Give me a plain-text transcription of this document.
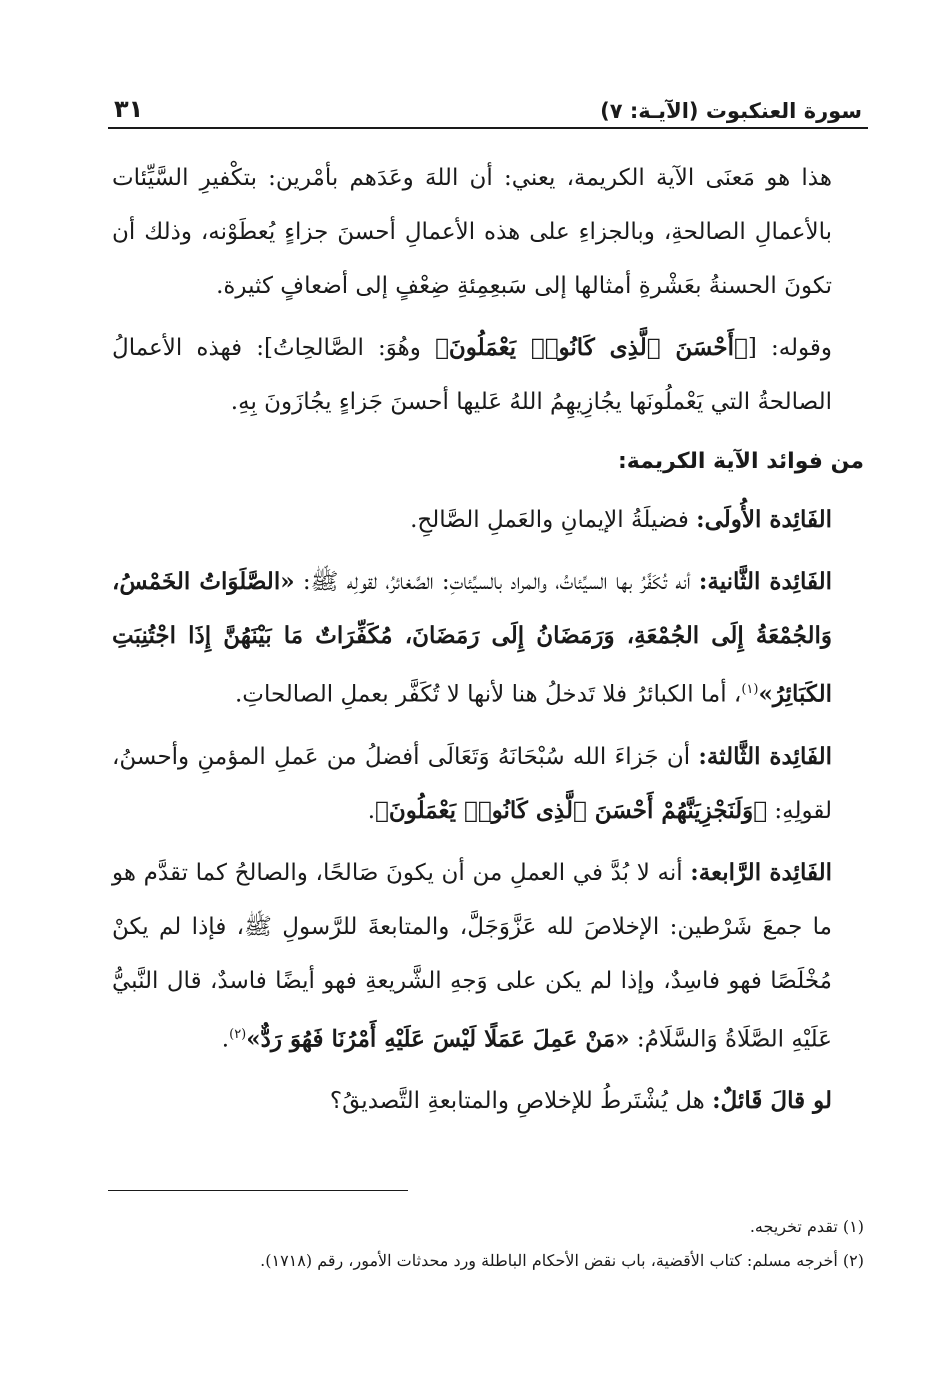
سورة العنكبوت (الآيـة: ٧)
٣١

هذا هو مَعنَى الآية الكريمة، يعني: أن اللهَ وعَدَهم بأمْرين: بتكْفيرِ السَّيِّئات بالأعمالِ الصالحةِ، وبالجزاءِ على هذه الأعمالِ أحسنَ جزاءٍ يُعطَوْنه، وذلك أن تكونَ الحسنةُ بعَشْرةِ أمثالها إلى سَبعِمِئةِ ضِعْفٍ إلى أضعافٍ كثيرة.

وقوله: [﴿أَحْسَنَ ٱلَّذِى كَانُوا۟ يَعْمَلُونَ﴾ وهُوَ: الصَّالحِاتُ]: فهذه الأعمالُ الصالحةُ التي يَعْملُونَها يجُازِيهِمُ اللهُ عَليها أحسنَ جَزاءٍ يجُازَونَ بِهِ.

من فوائد الآية الكريمة:

الفَائِدة الأُولَى: فضيلَةُ الإيمانِ والعَملِ الصَّالحِ.

الفَائِدة الثَّانية: أنه تُكَفَّرُ بها السيِّئاتُ، والمراد بالسيِّئاتِ: الصَّغائرُ، لقولِه ﷺ: «الصَّلَوَاتُ الخَمْسُ، وَالجُمْعَةُ إِلَى الجُمْعَةِ، وَرَمَضَانُ إِلَى رَمَضَانَ، مُكَفِّرَاتٌ مَا بَيْنَهُنَّ إِذَا اجْتُنِبَتِ الكَبَائِرُ»$^{(١)}$، أما الكبائرُ فلا تَدخلُ هنا لأنها لا تُكَفَّر بعملِ الصالحاتِ.

الفَائِدة الثَّالثة: أن جَزاءَ الله سُبْحَانَهُ وَتَعَالَى أفضلُ من عَملِ المؤمنِ وأحسنُ، لقولِهِ: ﴿وَلَنَجْزِيَنَّهُمْ أَحْسَنَ ٱلَّذِى كَانُوا۟ يَعْمَلُونَ﴾.

الفَائِدة الرَّابعة: أنه لا بُدَّ في العملِ من أن يكونَ صَالحًا، والصالحُ كما تقدَّم هو ما جمعَ شَرْطين: الإخلاصَ لله عَزَّوَجَلَّ، والمتابعةَ للرَّسولِ ﷺ، فإذا لم يكنْ مُخْلَصًا فهو فاسِدٌ، وإذا لم يكن على وَجهِ الشَّريعةِ فهو أيضًا فاسدٌ، قال النَّبيُّ عَلَيْهِ الصَّلَاةُ وَالسَّلَامُ: «مَنْ عَمِلَ عَمَلًا لَيْسَ عَلَيْهِ أَمْرُنَا فَهُوَ رَدٌّ»$^{(٢)}$.

لو قالَ قَائلٌ: هل يُشْتَرطُ للإخلاصِ والمتابعةِ التَّصديقُ؟

(١) تقدم تخريجه.
(٢) أخرجه مسلم: كتاب الأقضية، باب نقض الأحكام الباطلة ورد محدثات الأمور، رقم (١٧١٨).
